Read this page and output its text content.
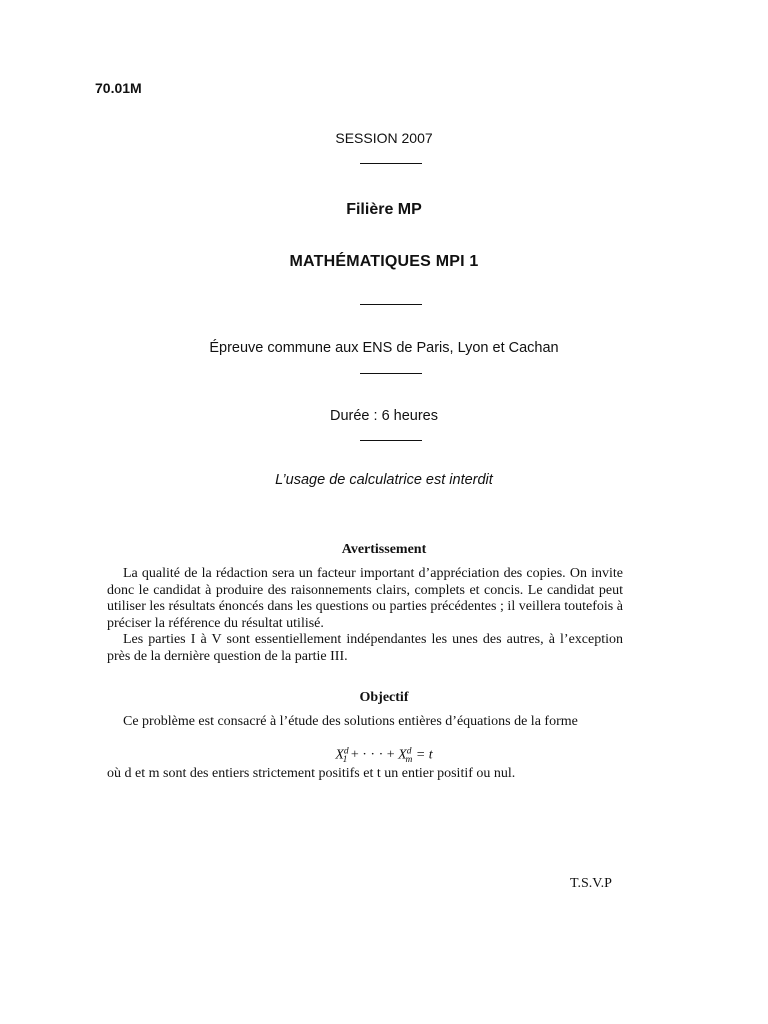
70.01M
SESSION 2007
Filière MP
MATHÉMATIQUES MPI 1
Épreuve commune aux ENS de Paris, Lyon et Cachan
Durée : 6 heures
L’usage de calculatrice est interdit
Avertissement

La qualité de la rédaction sera un facteur important d’appréciation des copies. On invite donc le candidat à produire des raisonnements clairs, complets et concis. Le candidat peut utiliser les résultats énoncés dans les questions ou parties précédentes ; il veillera toutefois à préciser la référence du résultat utilisé.

Les parties I à V sont essentiellement indépendantes les unes des autres, à l’exception près de la dernière question de la partie III.

Objectif

Ce problème est consacré à l’étude des solutions entières d’équations de la forme

$X^d_1$ + · · · + $X^d_m = t$
où d et m sont des entiers strictement positifs et t un entier positif ou nul.
T.S.V.P
